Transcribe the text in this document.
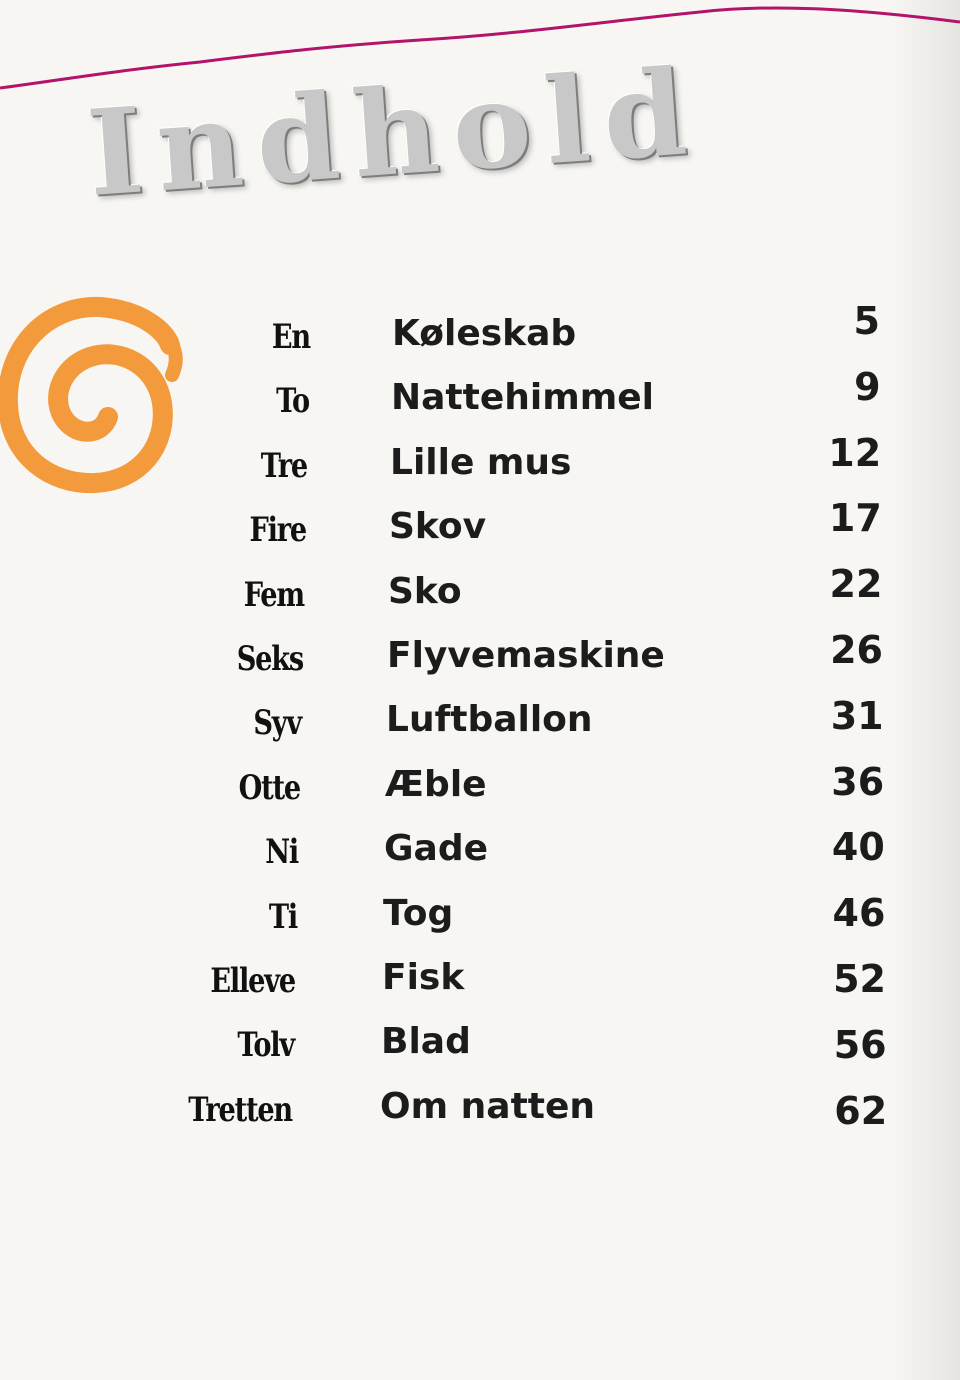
Indhold
En Køleskab	5
To Nattehimmel	9
Tre Lille mus	12
Fire Skov	17
Fem Sko	22
Seks Flyvemaskine	26
Syv Luftballon	31
Otte Æble	36
Ni Gade	40
Ti Tog	46
Elleve Fisk	52
Tolv Blad	56
Tretten Om natten	62
